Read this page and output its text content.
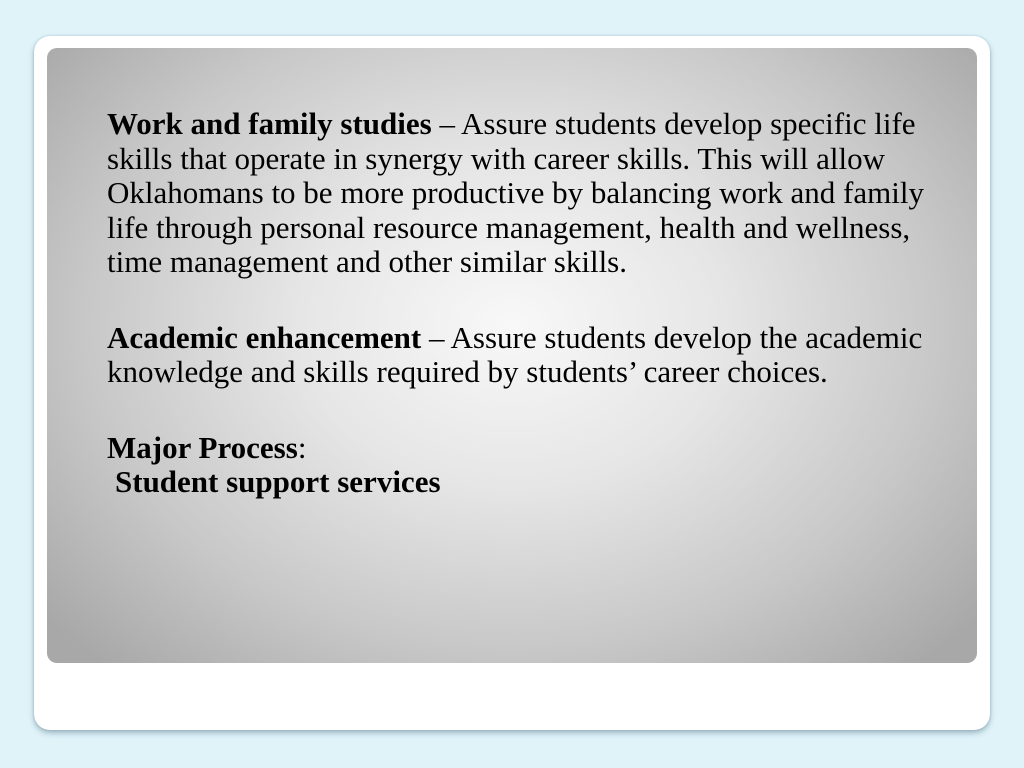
Work and family studies – Assure students develop specific life skills that operate in synergy with career skills. This will allow Oklahomans to be more productive by balancing work and family life through personal resource management, health and wellness, time management and other similar skills.

Academic enhancement – Assure students develop the academic knowledge and skills required by students’ career choices.

Major Process:
Student support services
